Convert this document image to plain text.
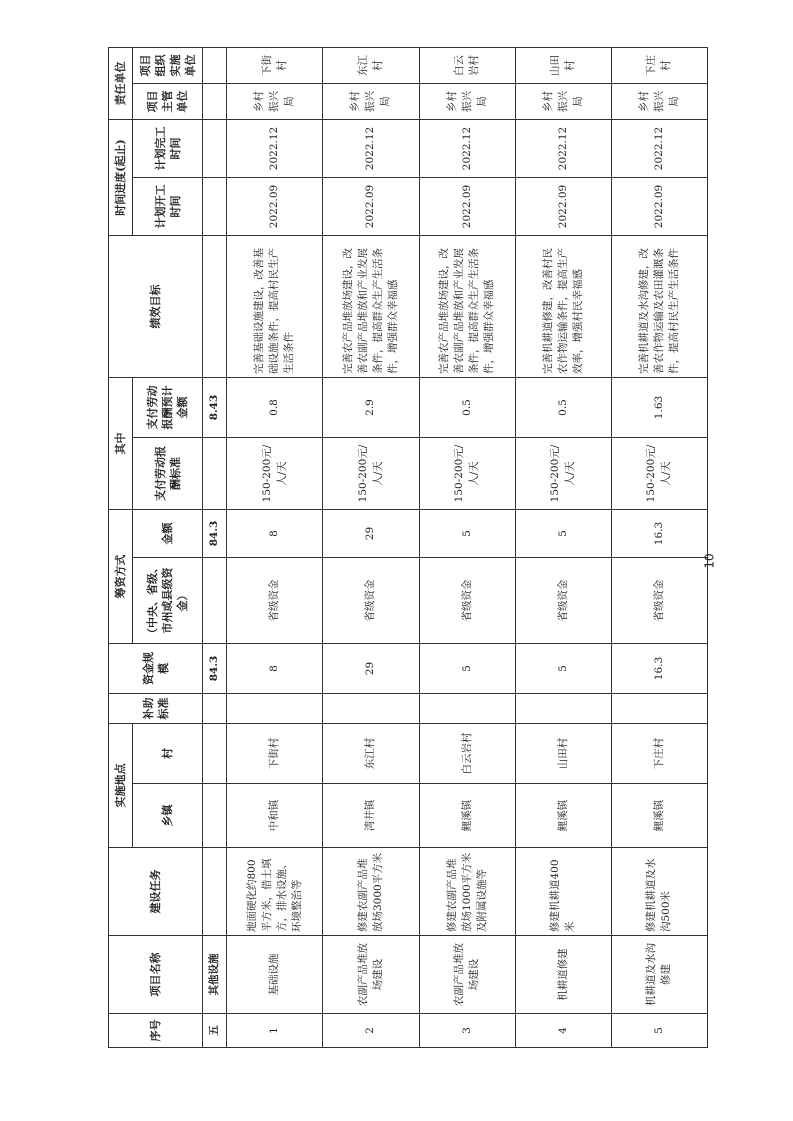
序号	项目名称	建设任务	实施地点		补助标准	资金规模	筹资方式		其中		绩效目标	时间进度(起止)		责任单位	
			乡镇	村			（中央、省级、市州或县级资金）	金额	支付劳动报酬标准	支付劳动报酬预计金额		计划开工时间	计划完工时间	项目主管单位	项目组织实施单位
五	其他设施					84.3		84.3		8.43					
1	基础设施	地面硬化约800平方米，借土填方，排水设施、环境整治等	中和镇	下街村		8	省级资金	8	150-200元/人/天	0.8	完善基础设施建设，改善基础设施条件，提高村民生产生活条件	2022.09	2022.12	乡村振兴局	下街村
2	农副产品堆放场建设	修建农副产品堆放场3000平方米	湾井镇	东江村		29	省级资金	29	150-200元/人/天	2.9	完善农产品堆放场建设，改善农副产品堆放和产业发展条件，提高群众生产生活条件，增强群众幸福感	2022.09	2022.12	乡村振兴局	东江村
3	农副产品堆放场建设	修建农副产品堆放场1000平方米及附属设施等	鲤溪镇	白云岩村		5	省级资金	5	150-200元/人/天	0.5	完善农产品堆放场建设，改善农副产品堆放和产业发展条件，提高群众生产生活条件，增强群众幸福感	2022.09	2022.12	乡村振兴局	白云岩村
4	机耕道修建	修建机耕道400米	鲤溪镇	山田村		5	省级资金	5	150-200元/人/天	0.5	完善机耕道修建，改善村民农作物运输条件，提高生产效率，增强村民幸福感	2022.09	2022.12	乡村振兴局	山田村
5	机耕道及水沟修建	修建机耕道及水沟500米	鲤溪镇	下庄村		16.3	省级资金	16.3	150-200元/人/天	1.63	完善机耕道及水沟修建，改善农作物运输及农田灌溉条件，提高村民生产生活条件	2022.09	2022.12	乡村振兴局	下庄村
10
